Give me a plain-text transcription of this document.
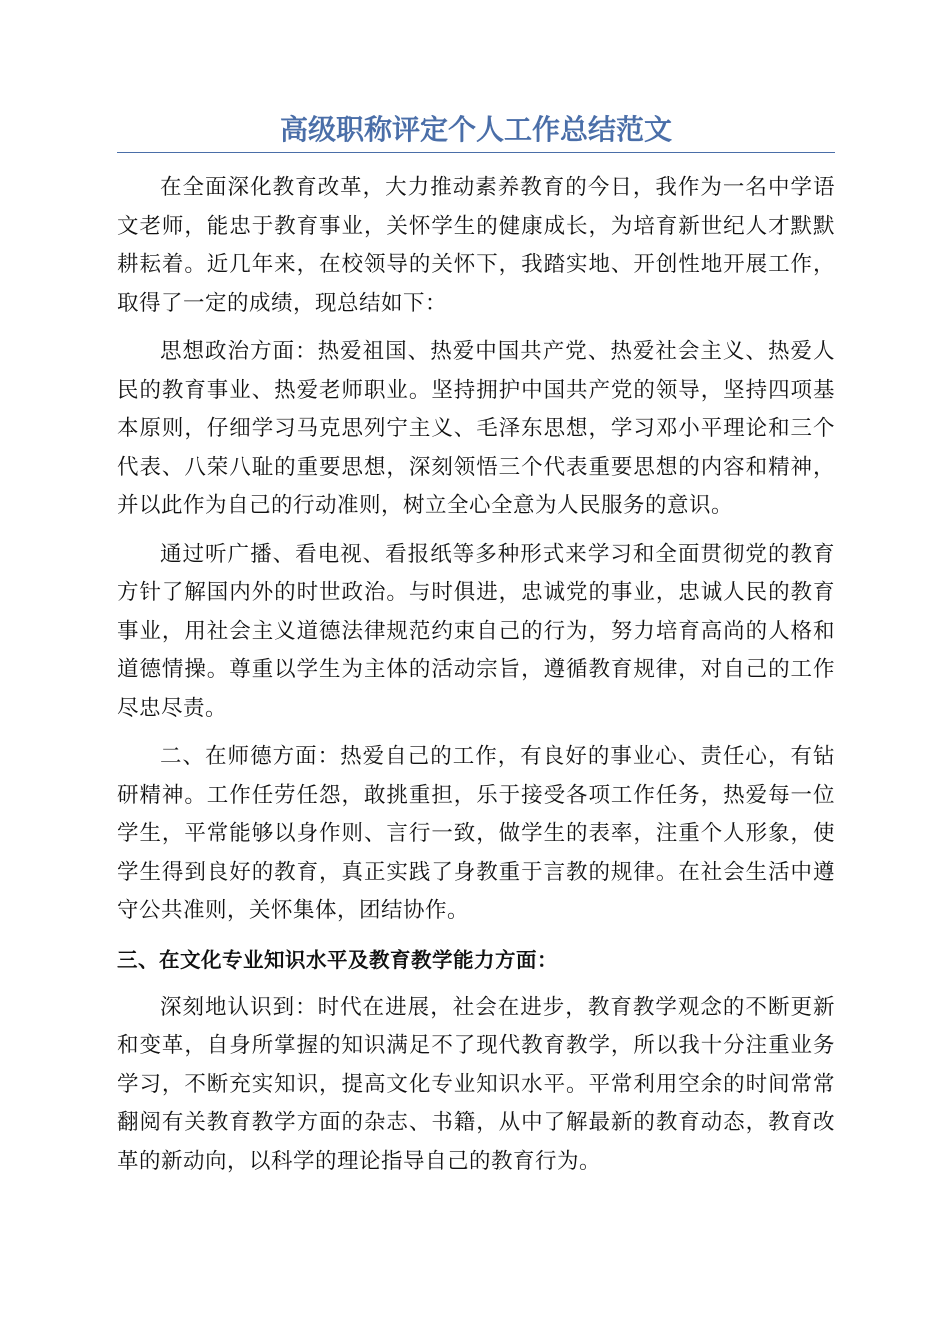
高级职称评定个人工作总结范文

在全面深化教育改革，大力推动素养教育的今日，我作为一名中学语文老师，能忠于教育事业，关怀学生的健康成长，为培育新世纪人才默默耕耘着。近几年来，在校领导的关怀下，我踏实地、开创性地开展工作，取得了一定的成绩，现总结如下：

思想政治方面：热爱祖国、热爱中国共产党、热爱社会主义、热爱人民的教育事业、热爱老师职业。坚持拥护中国共产党的领导，坚持四项基本原则，仔细学习马克思列宁主义、毛泽东思想，学习邓小平理论和三个代表、八荣八耻的重要思想，深刻领悟三个代表重要思想的内容和精神，并以此作为自己的行动准则，树立全心全意为人民服务的意识。

通过听广播、看电视、看报纸等多种形式来学习和全面贯彻党的教育方针了解国内外的时世政治。与时俱进，忠诚党的事业，忠诚人民的教育事业，用社会主义道德法律规范约束自己的行为，努力培育高尚的人格和道德情操。尊重以学生为主体的活动宗旨，遵循教育规律，对自己的工作尽忠尽责。

二、在师德方面：热爱自己的工作，有良好的事业心、责任心，有钻研精神。工作任劳任怨，敢挑重担，乐于接受各项工作任务，热爱每一位学生，平常能够以身作则、言行一致，做学生的表率，注重个人形象，使学生得到良好的教育，真正实践了身教重于言教的规律。在社会生活中遵守公共准则，关怀集体，团结协作。

三、在文化专业知识水平及教育教学能力方面：

深刻地认识到：时代在进展，社会在进步，教育教学观念的不断更新和变革，自身所掌握的知识满足不了现代教育教学，所以我十分注重业务学习，不断充实知识，提高文化专业知识水平。平常利用空余的时间常常翻阅有关教育教学方面的杂志、书籍，从中了解最新的教育动态，教育改革的新动向，以科学的理论指导自己的教育行为。
